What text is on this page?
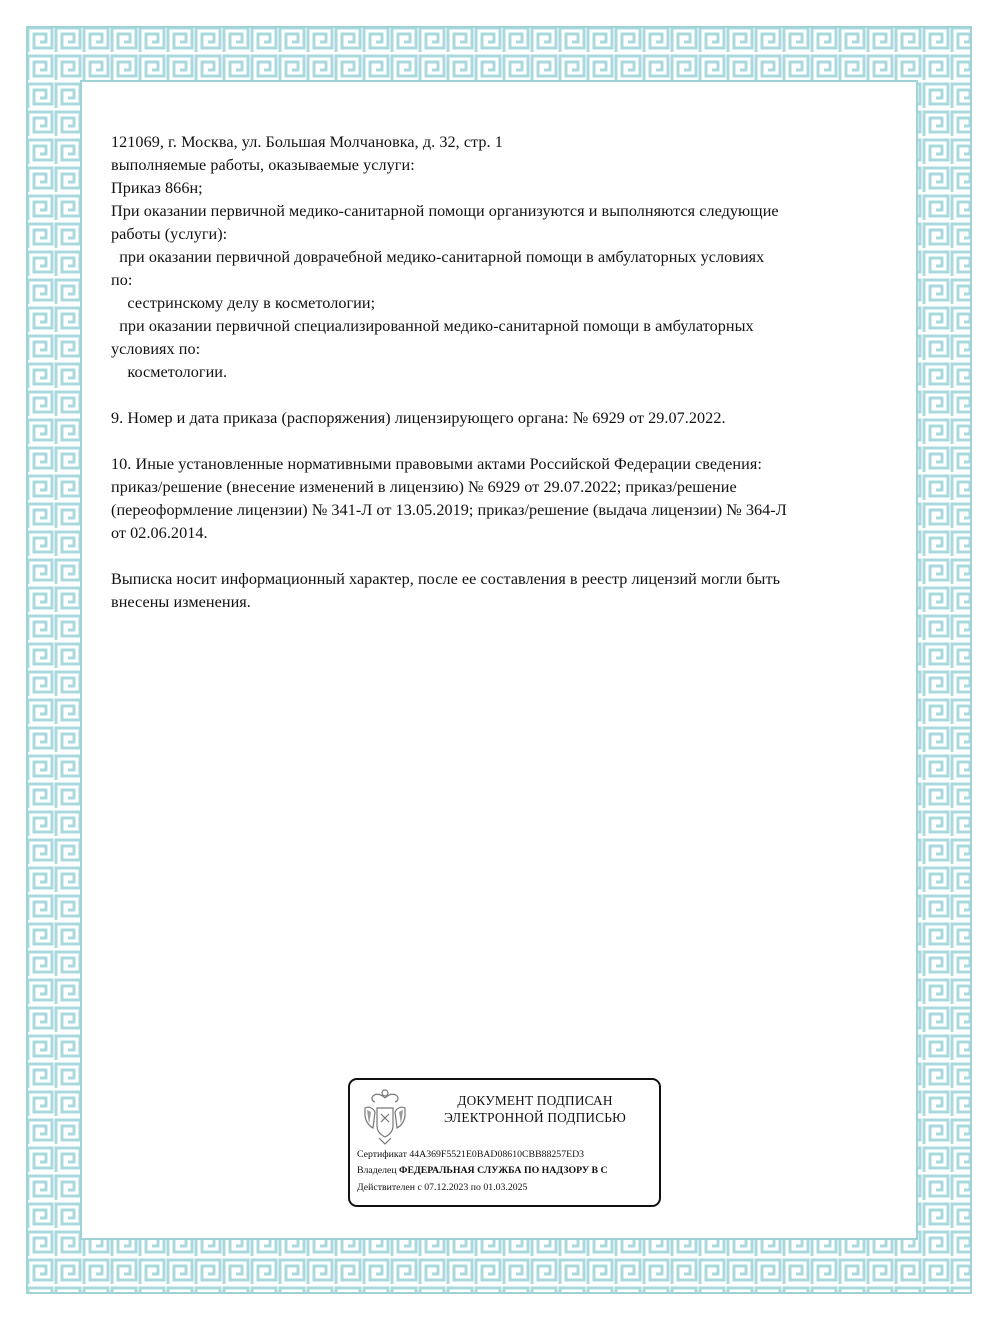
121069, г. Москва, ул. Большая Молчановка, д. 32, стр. 1
выполняемые работы, оказываемые услуги:
Приказ 866н;
При оказании первичной медико-санитарной помощи организуются и выполняются следующие
работы (услуги):
при оказании первичной доврачебной медико-санитарной помощи в амбулаторных условиях
по:
сестринскому делу в косметологии;
при оказании первичной специализированной медико-санитарной помощи в амбулаторных
условиях по:
косметологии.
9. Номер и дата приказа (распоряжения) лицензирующего органа: № 6929 от 29.07.2022.
10. Иные установленные нормативными правовыми актами Российской Федерации сведения:
приказ/решение (внесение изменений в лицензию) № 6929 от 29.07.2022; приказ/решение
(переоформление лицензии) № 341-Л от 13.05.2019; приказ/решение (выдача лицензии) № 364-Л
от 02.06.2014.
Выписка носит информационный характер, после ее составления в реестр лицензий могли быть
внесены изменения.
ДОКУМЕНТ ПОДПИСАН
ЭЛЕКТРОННОЙ ПОДПИСЬЮ
Сертификат 44A369F5521E0BAD08610CBB88257ED3
Владелец ФЕДЕРАЛЬНАЯ СЛУЖБА ПО НАДЗОРУ В С
Действителен с 07.12.2023 по 01.03.2025
